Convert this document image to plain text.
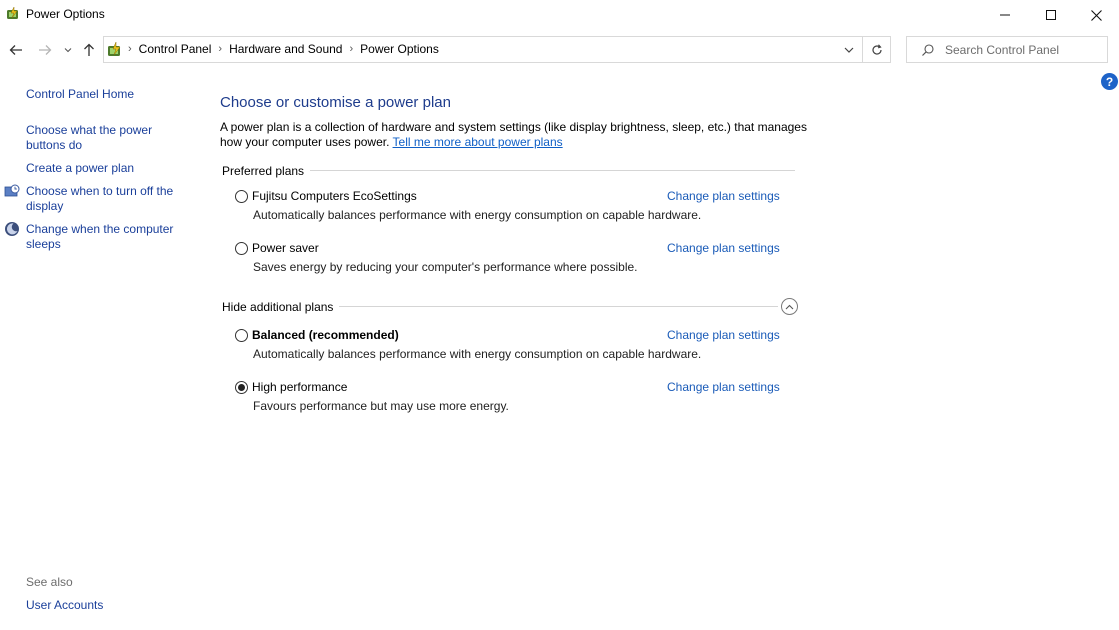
Power Options
› Control Panel › Hardware and Sound › Power Options
Search Control Panel
?
Control Panel Home
Choose what the power buttons do
Create a power plan
Choose when to turn off the display
Change when the computer sleeps
See also
User Accounts
Choose or customise a power plan
A power plan is a collection of hardware and system settings (like display brightness, sleep, etc.) that manages how your computer uses power. Tell me more about power plans
Preferred plans
Fujitsu Computers EcoSettings	Change plan settings
Automatically balances performance with energy consumption on capable hardware.
Power saver	Change plan settings
Saves energy by reducing your computer's performance where possible.
Hide additional plans
Balanced (recommended)	Change plan settings
Automatically balances performance with energy consumption on capable hardware.
High performance	Change plan settings
Favours performance but may use more energy.
